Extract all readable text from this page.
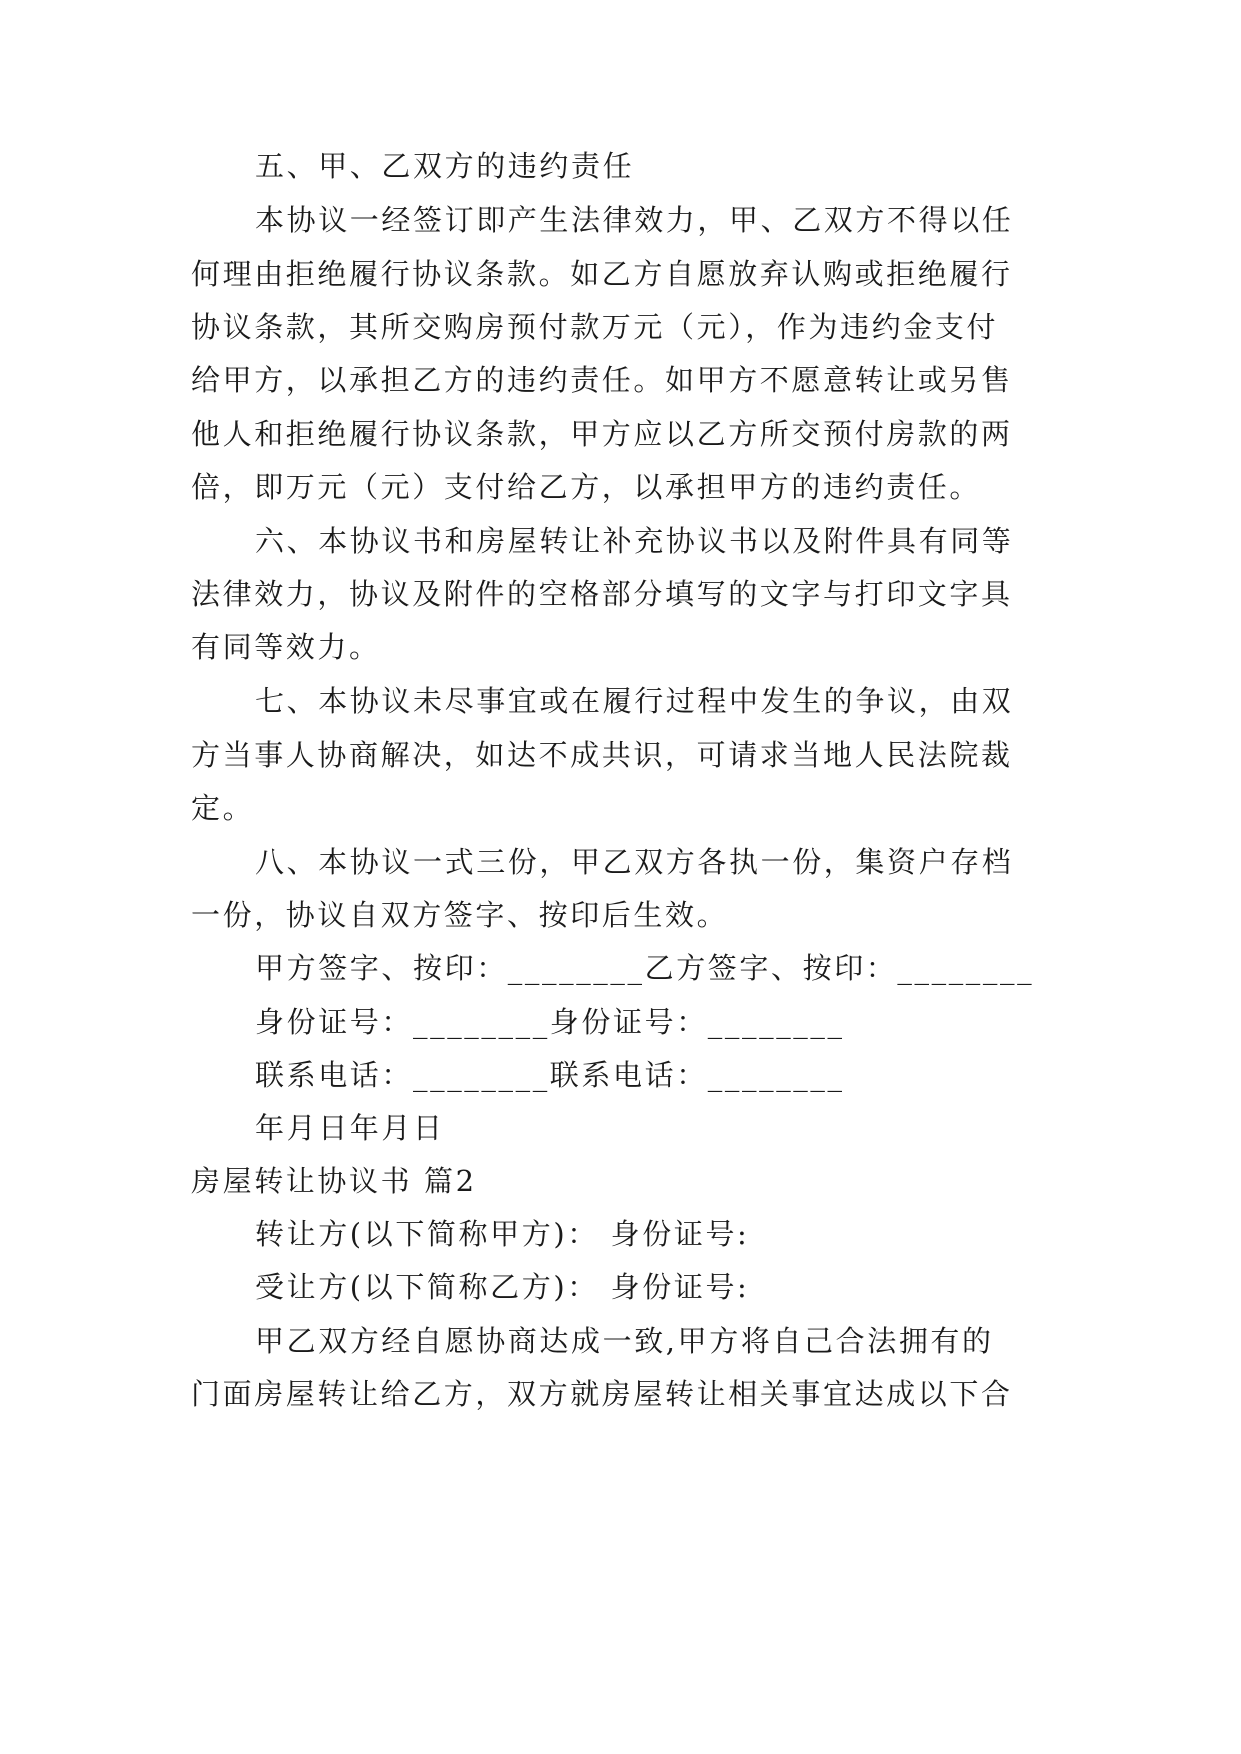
五、甲、乙双方的违约责任

本协议一经签订即产生法律效力，甲、乙双方不得以任

何理由拒绝履行协议条款。如乙方自愿放弃认购或拒绝履行

协议条款，其所交购房预付款万元（元），作为违约金支付

给甲方，以承担乙方的违约责任。如甲方不愿意转让或另售

他人和拒绝履行协议条款，甲方应以乙方所交预付房款的两

倍，即万元（元）支付给乙方，以承担甲方的违约责任。

六、本协议书和房屋转让补充协议书以及附件具有同等

法律效力，协议及附件的空格部分填写的文字与打印文字具

有同等效力。

七、本协议未尽事宜或在履行过程中发生的争议，由双

方当事人协商解决，如达不成共识，可请求当地人民法院裁

定。

八、本协议一式三份，甲乙双方各执一份，集资户存档

一份，协议自双方签字、按印后生效。

甲方签字、按印：________乙方签字、按印：________

身份证号：________身份证号：________

联系电话：________联系电话：________

年月日年月日

房屋转让协议书 篇2

转让方(以下简称甲方)： 身份证号:

受让方(以下简称乙方)： 身份证号:

甲乙双方经自愿协商达成一致,甲方将自己合法拥有的

门面房屋转让给乙方，双方就房屋转让相关事宜达成以下合
